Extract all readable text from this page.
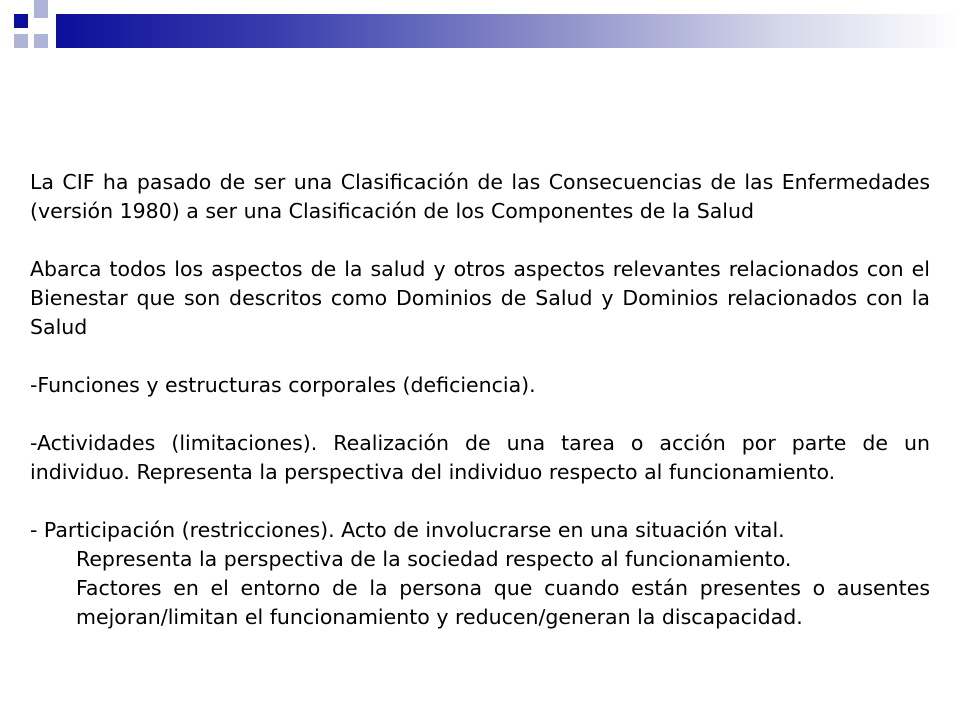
La CIF ha pasado de ser una Clasificación de las Consecuencias de las Enfermedades (versión 1980) a ser una Clasificación de los Componentes de la Salud

Abarca todos los aspectos de la salud y otros aspectos relevantes relacionados con el Bienestar que son descritos como Dominios de Salud y Dominios relacionados con la Salud

-Funciones y estructuras corporales (deficiencia).

-Actividades (limitaciones). Realización de una tarea o acción por parte de un individuo. Representa la perspectiva del individuo respecto al funcionamiento.

- Participación (restricciones). Acto de involucrarse en una situación vital.

Representa la perspectiva de la sociedad respecto al funcionamiento.

Factores en el entorno de la persona que cuando están presentes o ausentes mejoran/limitan el funcionamiento y reducen/generan la discapacidad.
